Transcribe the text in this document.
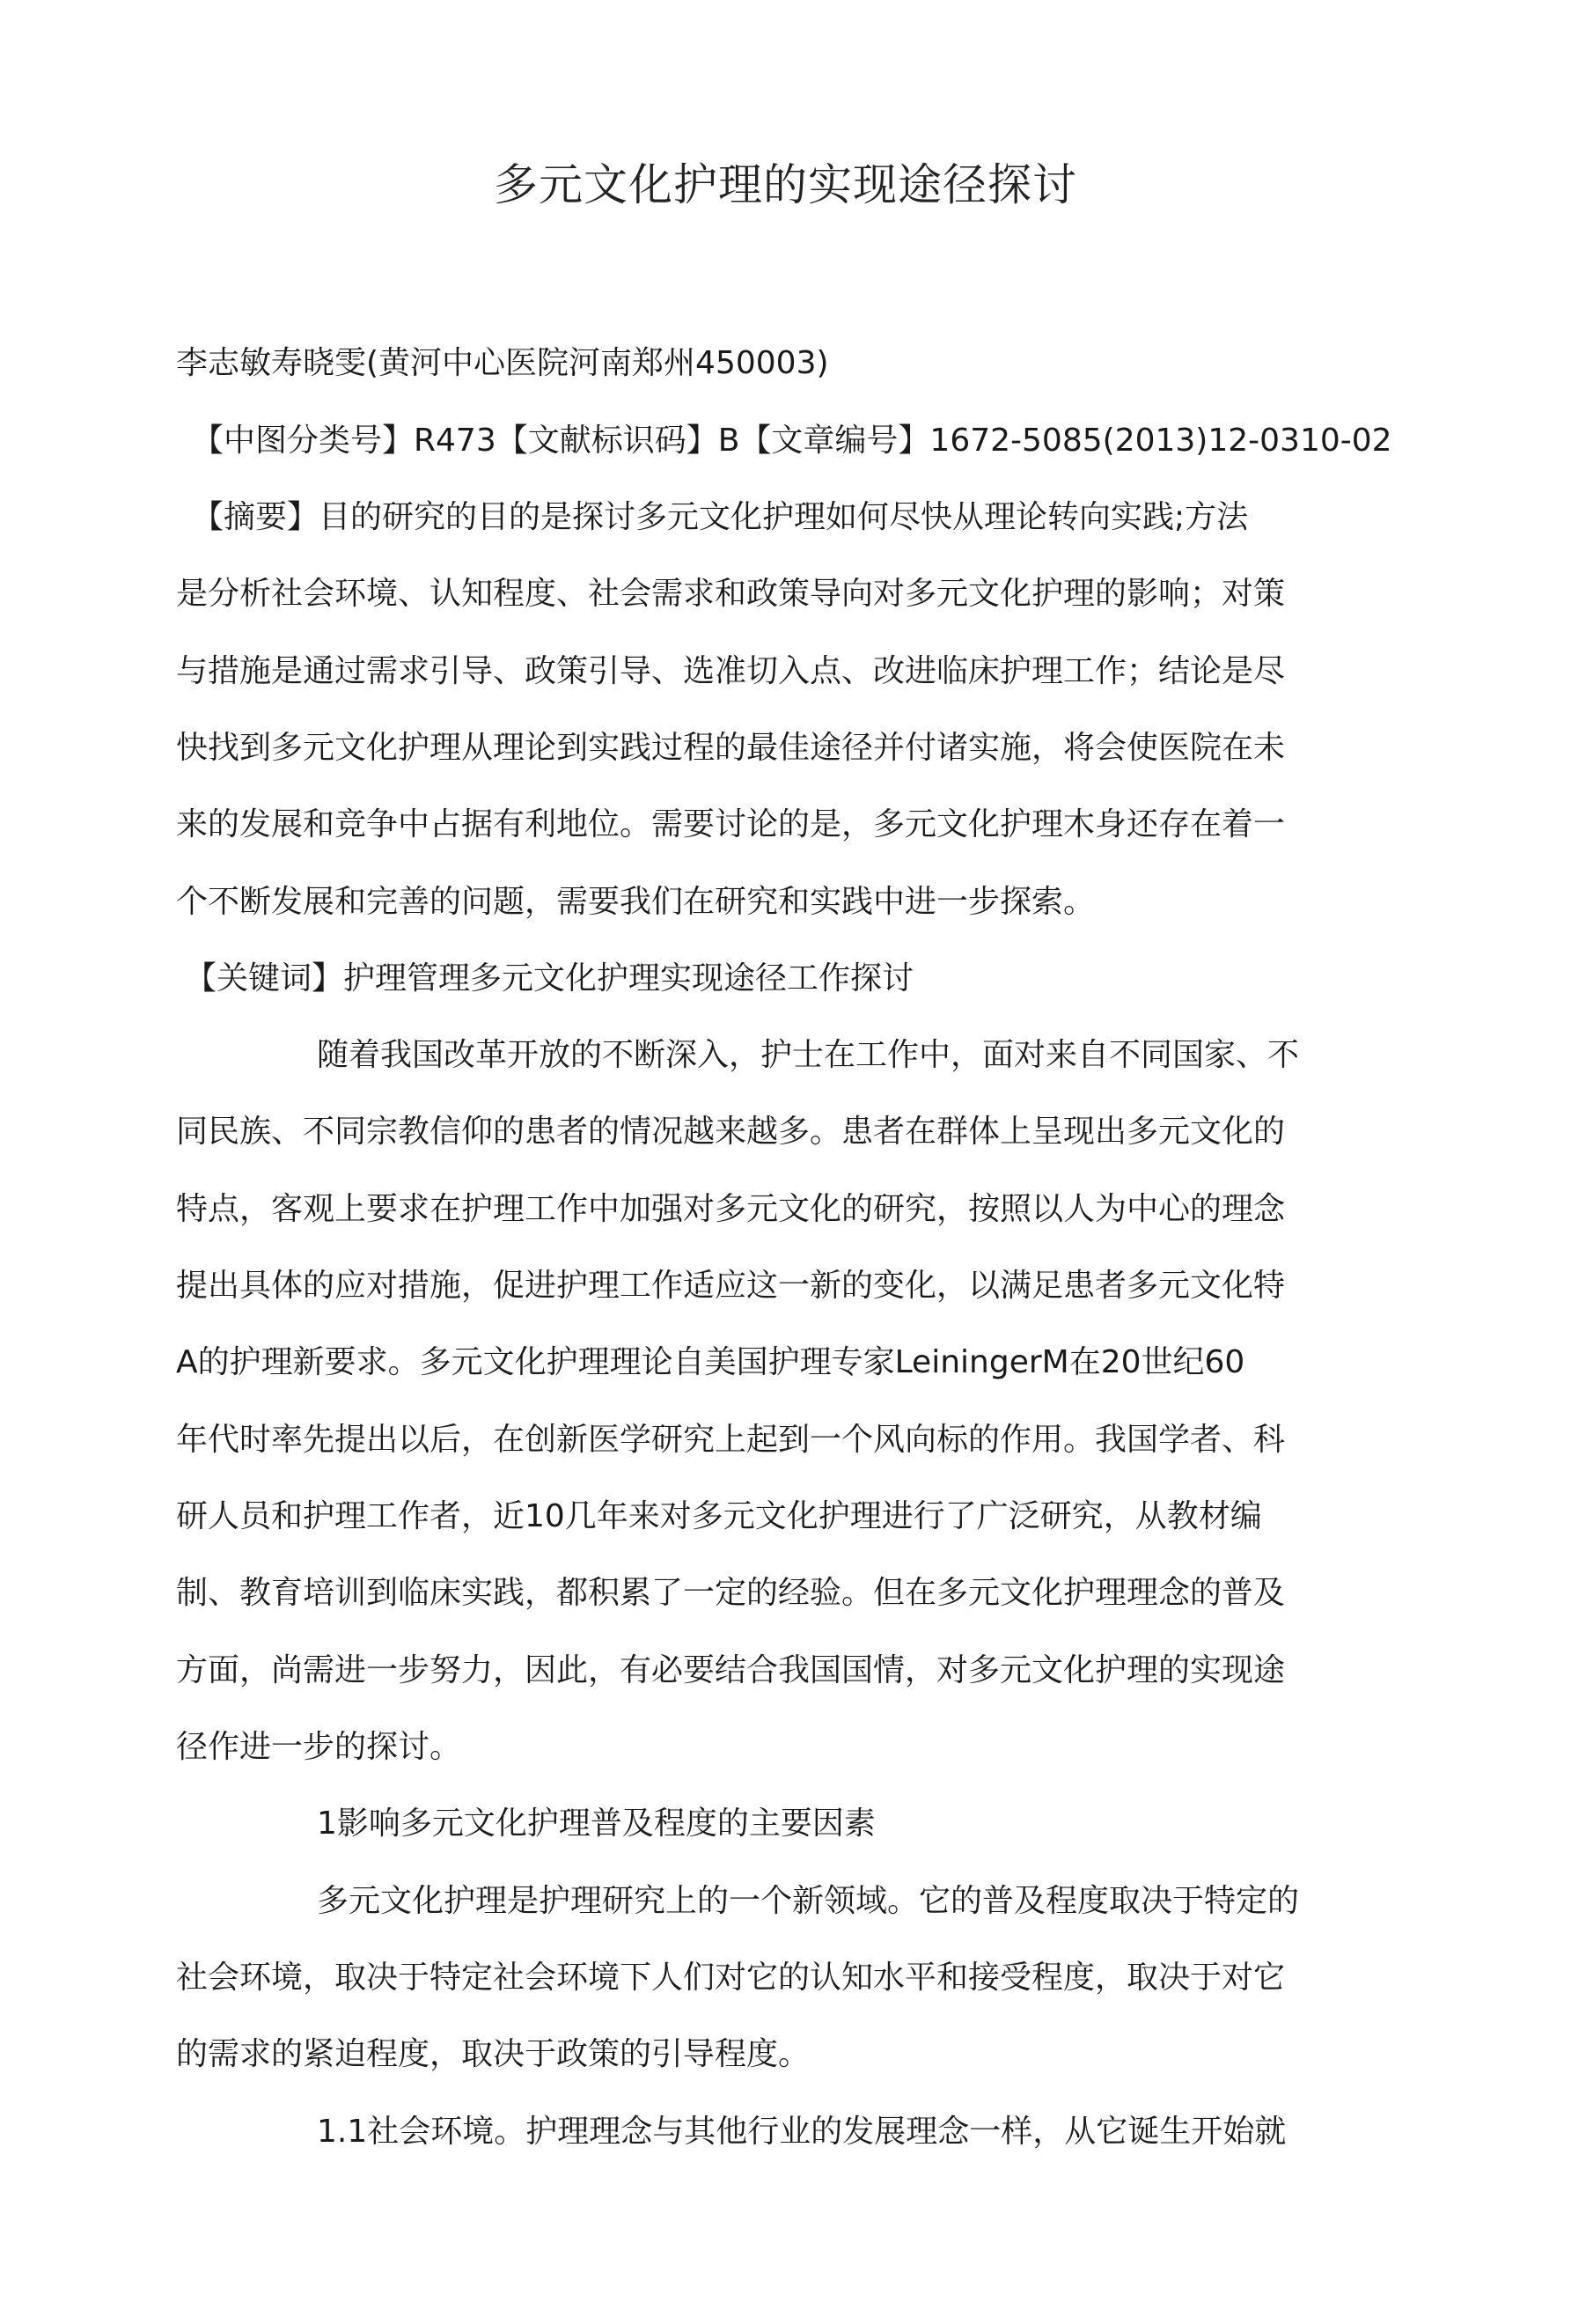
多元文化护理的实现途径探讨
李志敏寿晓雯(黄河中心医院河南郑州450003)
【中图分类号】R473【文献标识码】B【文章编号】1672-5085(2013)12-0310-02
【摘要】目的研究的目的是探讨多元文化护理如何尽快从理论转向实践;方法
是分析社会环境、认知程度、社会需求和政策导向对多元文化护理的影响；对策
与措施是通过需求引导、政策引导、选准切入点、改进临床护理工作；结论是尽
快找到多元文化护理从理论到实践过程的最佳途径并付诸实施，将会使医院在未
来的发展和竞争中占据有利地位。需要讨论的是，多元文化护理木身还存在着一
个不断发展和完善的问题，需要我们在研究和实践中进一步探索。
【关键词】护理管理多元文化护理实现途径工作探讨
随着我国改革开放的不断深入，护士在工作中，面对来自不同国家、不
同民族、不同宗教信仰的患者的情况越来越多。患者在群体上呈现出多元文化的
特点，客观上要求在护理工作中加强对多元文化的研究，按照以人为中心的理念
提出具体的应对措施，促进护理工作适应这一新的变化，以满足患者多元文化特
A的护理新要求。多元文化护理理论自美国护理专家LeiningerM在20世纪60
年代时率先提出以后，在创新医学研究上起到一个风向标的作用。我国学者、科
研人员和护理工作者，近10几年来对多元文化护理进行了广泛研究，从教材编
制、教育培训到临床实践，都积累了一定的经验。但在多元文化护理理念的普及
方面，尚需进一步努力，因此，有必要结合我国国情，对多元文化护理的实现途
径作进一步的探讨。
1影响多元文化护理普及程度的主要因素
多元文化护理是护理研究上的一个新领域。它的普及程度取决于特定的
社会环境，取决于特定社会环境下人们对它的认知水平和接受程度，取决于对它
的需求的紧迫程度，取决于政策的引导程度。
1.1社会环境。护理理念与其他行业的发展理念一样，从它诞生开始就
